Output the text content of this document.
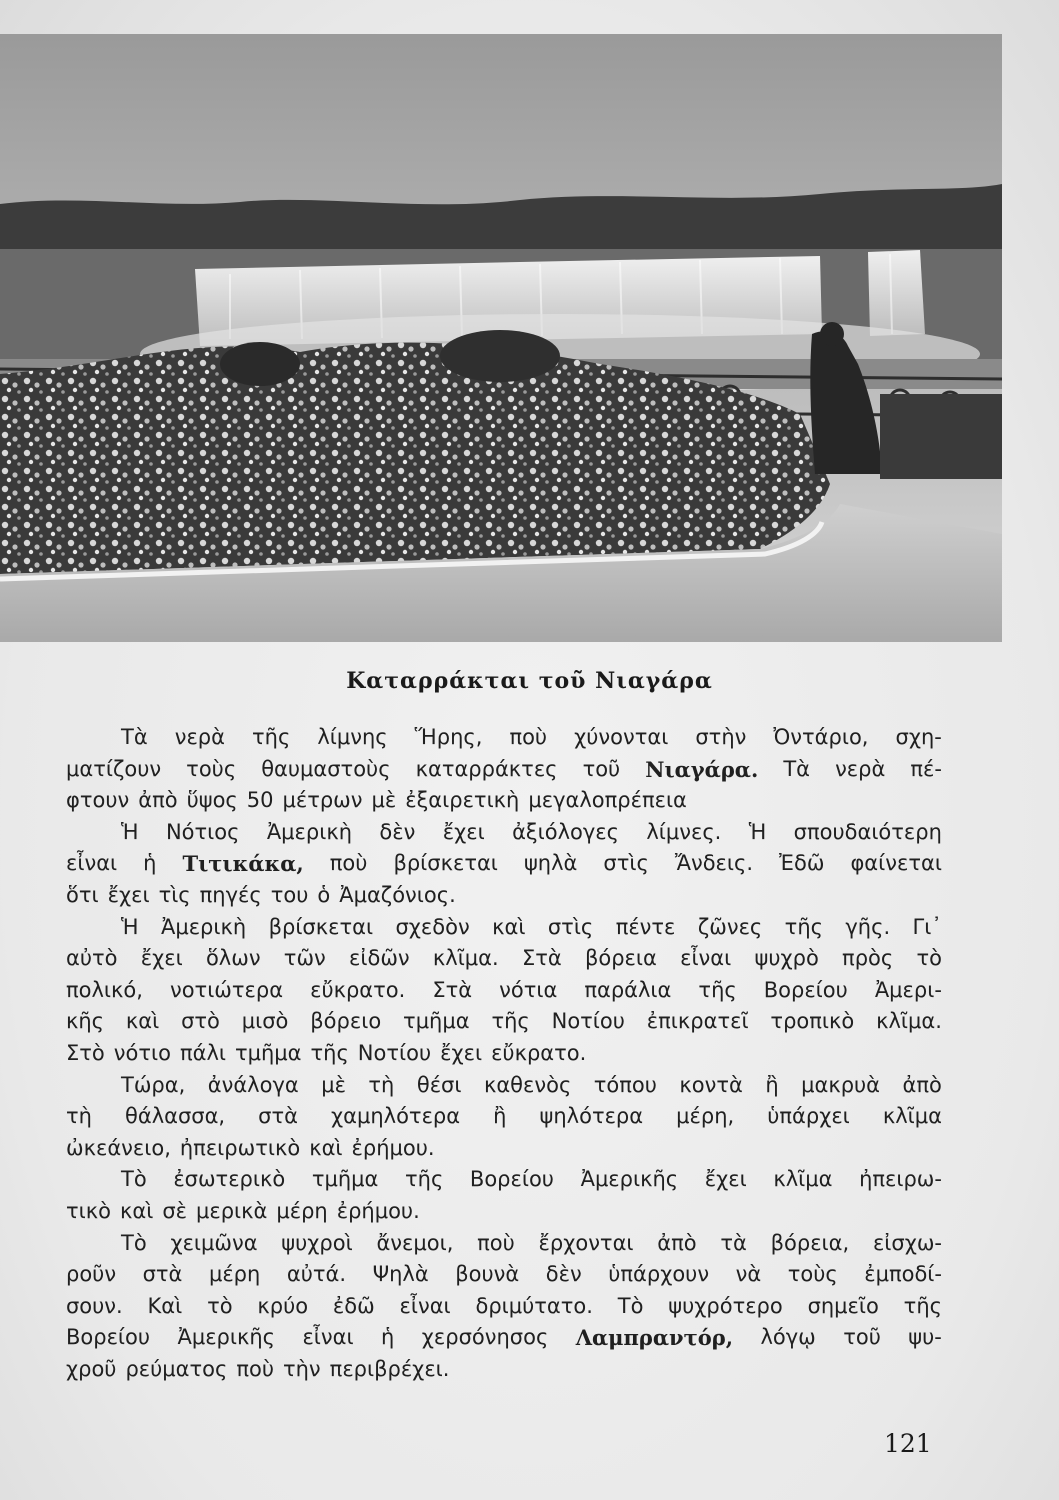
Καταρράκται τοῦ Νιαγάρα
Τὰ νερὰ τῆς λίμνης Ἥρης, ποὺ χύνονται στὴν Ὀντάριο, σχη-
ματίζουν τοὺς θαυμαστοὺς καταρράκτες τοῦ Νιαγάρα. Τὰ νερὰ πέ-
φτουν ἀπὸ ὕψος 50 μέτρων μὲ ἐξαιρετικὴ μεγαλοπρέπεια
Ἡ Νότιος Ἀμερικὴ δὲν ἔχει ἀξιόλογες λίμνες. Ἡ σπουδαιότερη
εἶναι ἡ Τιτικάκα, ποὺ βρίσκεται ψηλὰ στὶς Ἄνδεις. Ἐδῶ φαίνεται
ὅτι ἔχει τὶς πηγές του ὁ Ἀμαζόνιος.
Ἡ Ἀμερικὴ βρίσκεται σχεδὸν καὶ στὶς πέντε ζῶνες τῆς γῆς. Γι᾽
αὐτὸ ἔχει ὅλων τῶν εἰδῶν κλῖμα. Στὰ βόρεια εἶναι ψυχρὸ πρὸς τὸ
πολικό, νοτιώτερα εὔκρατο. Στὰ νότια παράλια τῆς Βορείου Ἀμερι-
κῆς καὶ στὸ μισὸ βόρειο τμῆμα τῆς Νοτίου ἐπικρατεῖ τροπικὸ κλῖμα.
Στὸ νότιο πάλι τμῆμα τῆς Νοτίου ἔχει εὔκρατο.
Τώρα, ἀνάλογα μὲ τὴ θέσι καθενὸς τόπου κοντὰ ἢ μακρυὰ ἀπὸ
τὴ θάλασσα, στὰ χαμηλότερα ἢ ψηλότερα μέρη, ὑπάρχει κλῖμα
ὠκεάνειο, ἠπειρωτικὸ καὶ ἐρήμου.
Τὸ ἐσωτερικὸ τμῆμα τῆς Βορείου Ἀμερικῆς ἔχει κλῖμα ἠπειρω-
τικὸ καὶ σὲ μερικὰ μέρη ἐρήμου.
Τὸ χειμῶνα ψυχροὶ ἄνεμοι, ποὺ ἔρχονται ἀπὸ τὰ βόρεια, εἰσχω-
ροῦν στὰ μέρη αὐτά. Ψηλὰ βουνὰ δὲν ὑπάρχουν νὰ τοὺς ἐμποδί-
σουν. Καὶ τὸ κρύο ἐδῶ εἶναι δριμύτατο. Τὸ ψυχρότερο σημεῖο τῆς
Βορείου Ἀμερικῆς εἶναι ἡ χερσόνησος Λαμπραντόρ, λόγῳ τοῦ ψυ-
χροῦ ρεύματος ποὺ τὴν περιβρέχει.
121
